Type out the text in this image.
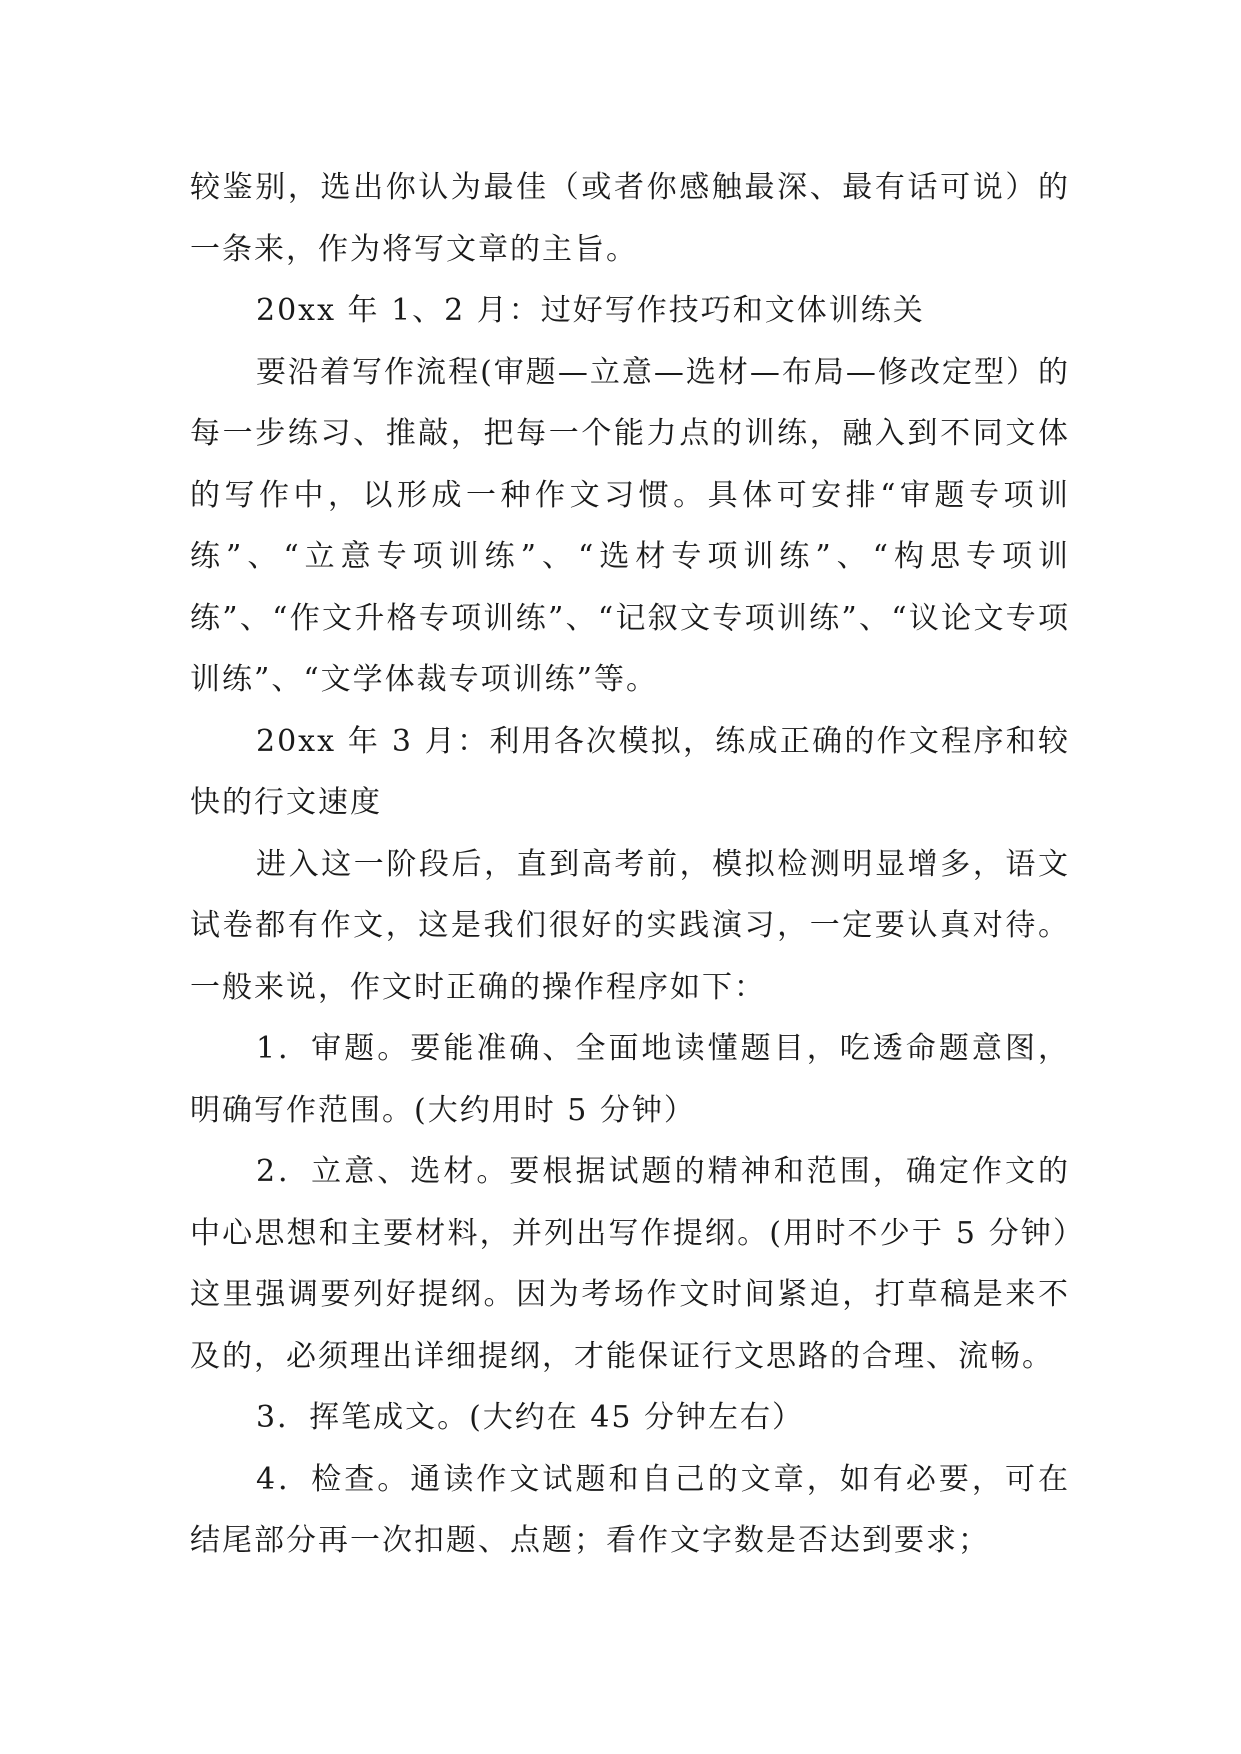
较鉴别，选出你认为最佳（或者你感触最深、最有话可说）的一条来，作为将写文章的主旨。

20xx 年 1、2 月：过好写作技巧和文体训练关

要沿着写作流程(审题—立意—选材—布局—修改定型）的每一步练习、推敲，把每一个能力点的训练，融入到不同文体的写作中，以形成一种作文习惯。具体可安排“审题专项训练”、“立意专项训练”、“选材专项训练”、“构思专项训练”、“作文升格专项训练”、“记叙文专项训练”、“议论文专项训练”、“文学体裁专项训练”等。

20xx 年 3 月：利用各次模拟，练成正确的作文程序和较快的行文速度

进入这一阶段后，直到高考前，模拟检测明显增多，语文试卷都有作文，这是我们很好的实践演习，一定要认真对待。一般来说，作文时正确的操作程序如下：

1．审题。要能准确、全面地读懂题目，吃透命题意图，明确写作范围。(大约用时 5 分钟）

2．立意、选材。要根据试题的精神和范围，确定作文的中心思想和主要材料，并列出写作提纲。(用时不少于 5 分钟）这里强调要列好提纲。因为考场作文时间紧迫，打草稿是来不及的，必须理出详细提纲，才能保证行文思路的合理、流畅。

3．挥笔成文。(大约在 45 分钟左右）

4．检查。通读作文试题和自己的文章，如有必要，可在结尾部分再一次扣题、点题；看作文字数是否达到要求；
